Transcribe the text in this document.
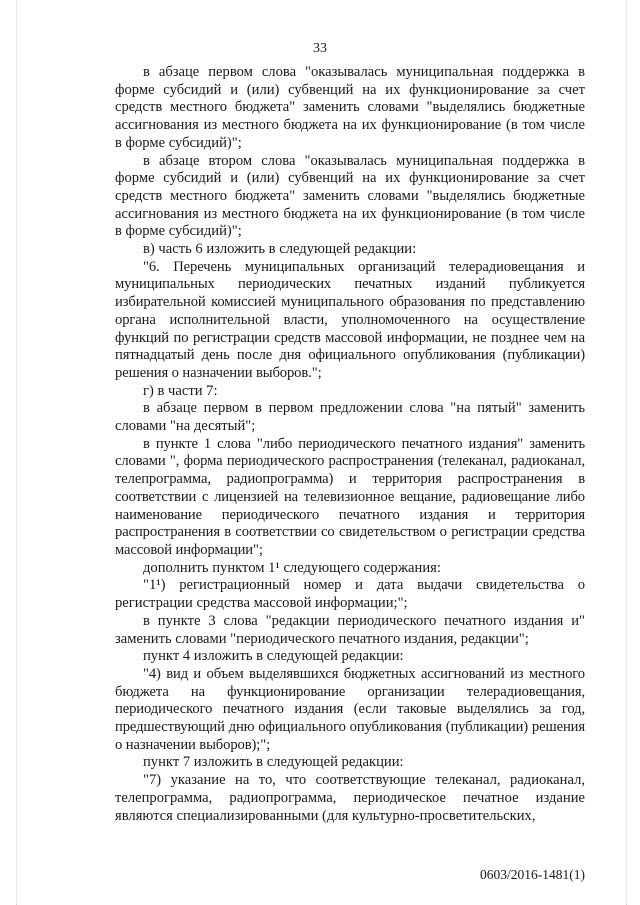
33

в абзаце первом слова "оказывалась муниципальная поддержка в форме субсидий и (или) субвенций на их функционирование за счет средств местного бюджета" заменить словами "выделялись бюджетные ассигнования из местного бюджета на их функционирование (в том числе в форме субсидий)";

в абзаце втором слова "оказывалась муниципальная поддержка в форме субсидий и (или) субвенций на их функционирование за счет средств местного бюджета" заменить словами "выделялись бюджетные ассигнования из местного бюджета на их функционирование (в том числе в форме субсидий)";

в) часть 6 изложить в следующей редакции:

"6. Перечень муниципальных организаций телерадиовещания и муниципальных периодических печатных изданий публикуется избирательной комиссией муниципального образования по представлению органа исполнительной власти, уполномоченного на осуществление функций по регистрации средств массовой информации, не позднее чем на пятнадцатый день после дня официального опубликования (публикации) решения о назначении выборов.";

г) в части 7:

в абзаце первом в первом предложении слова "на пятый" заменить словами "на десятый";

в пункте 1 слова "либо периодического печатного издания" заменить словами ", форма периодического распространения (телеканал, радиоканал, телепрограмма, радиопрограмма) и территория распространения в соответствии с лицензией на телевизионное вещание, радиовещание либо наименование периодического печатного издания и территория распространения в соответствии со свидетельством о регистрации средства массовой информации";

дополнить пунктом 1¹ следующего содержания:

"1¹) регистрационный номер и дата выдачи свидетельства о регистрации средства массовой информации;";

в пункте 3 слова "редакции периодического печатного издания и" заменить словами "периодического печатного издания, редакции";

пункт 4 изложить в следующей редакции:

"4) вид и объем выделявшихся бюджетных ассигнований из местного бюджета на функционирование организации телерадиовещания, периодического печатного издания (если таковые выделялись за год, предшествующий дню официального опубликования (публикации) решения о назначении выборов);";

пункт 7 изложить в следующей редакции:

"7) указание на то, что соответствующие телеканал, радиоканал, телепрограмма, радиопрограмма, периодическое печатное издание являются специализированными (для культурно-просветительских,

0603/2016-1481(1)
